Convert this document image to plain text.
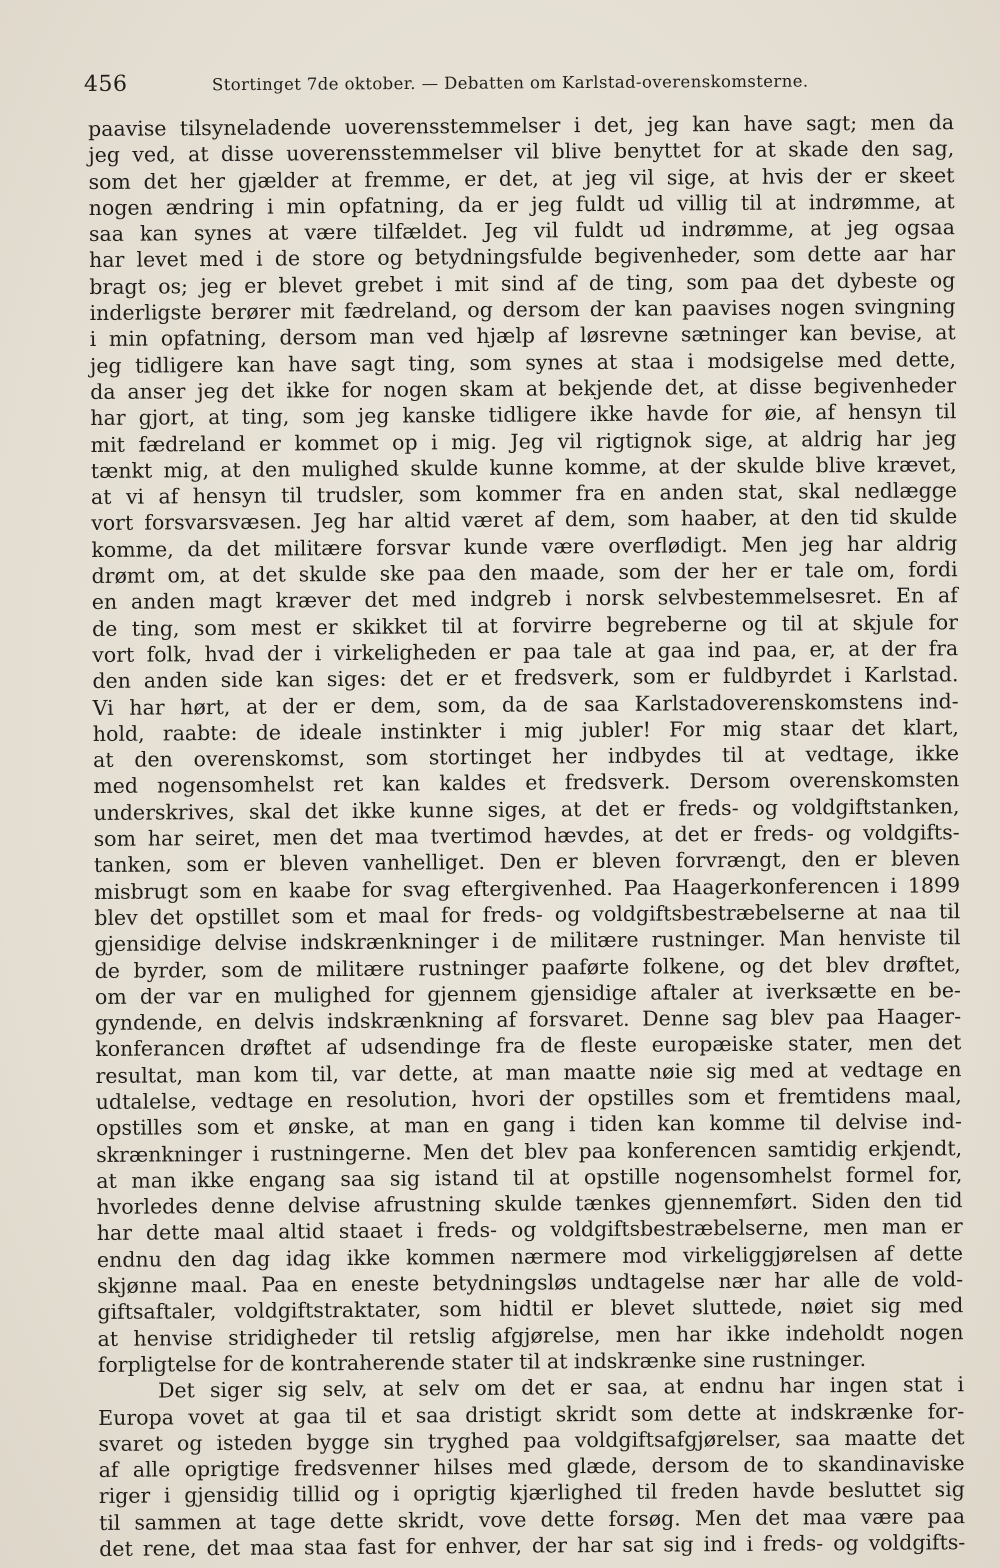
456	Stortinget 7de oktober. — Debatten om Karlstad-overenskomsterne.
paavise tilsyneladende uoverensstemmelser i det, jeg kan have sagt; men da
jeg ved, at disse uoverensstemmelser vil blive benyttet for at skade den sag,
som det her gjælder at fremme, er det, at jeg vil sige, at hvis der er skeet
nogen ændring i min opfatning, da er jeg fuldt ud villig til at indrømme, at
saa kan synes at være tilfældet. Jeg vil fuldt ud indrømme, at jeg ogsaa
har levet med i de store og betydningsfulde begivenheder, som dette aar har
bragt os; jeg er blevet grebet i mit sind af de ting, som paa det dybeste og
inderligste berører mit fædreland, og dersom der kan paavises nogen svingning
i min opfatning, dersom man ved hjælp af løsrevne sætninger kan bevise, at
jeg tidligere kan have sagt ting, som synes at staa i modsigelse med dette,
da anser jeg det ikke for nogen skam at bekjende det, at disse begivenheder
har gjort, at ting, som jeg kanske tidligere ikke havde for øie, af hensyn til
mit fædreland er kommet op i mig. Jeg vil rigtignok sige, at aldrig har jeg
tænkt mig, at den mulighed skulde kunne komme, at der skulde blive krævet,
at vi af hensyn til trudsler, som kommer fra en anden stat, skal nedlægge
vort forsvarsvæsen. Jeg har altid været af dem, som haaber, at den tid skulde
komme, da det militære forsvar kunde være overflødigt. Men jeg har aldrig
drømt om, at det skulde ske paa den maade, som der her er tale om, fordi
en anden magt kræver det med indgreb i norsk selvbestemmelsesret. En af
de ting, som mest er skikket til at forvirre begreberne og til at skjule for
vort folk, hvad der i virkeligheden er paa tale at gaa ind paa, er, at der fra
den anden side kan siges: det er et fredsverk, som er fuldbyrdet i Karlstad.
Vi har hørt, at der er dem, som, da de saa Karlstadoverenskomstens ind-
hold, raabte: de ideale instinkter i mig jubler! For mig staar det klart,
at den overenskomst, som stortinget her indbydes til at vedtage, ikke
med nogensomhelst ret kan kaldes et fredsverk. Dersom overenskomsten
underskrives, skal det ikke kunne siges, at det er freds- og voldgiftstanken,
som har seiret, men det maa tvertimod hævdes, at det er freds- og voldgifts-
tanken, som er bleven vanhelliget. Den er bleven forvrængt, den er bleven
misbrugt som en kaabe for svag eftergivenhed. Paa Haagerkonferencen i 1899
blev det opstillet som et maal for freds- og voldgiftsbestræbelserne at naa til
gjensidige delvise indskrænkninger i de militære rustninger. Man henviste til
de byrder, som de militære rustninger paaførte folkene, og det blev drøftet,
om der var en mulighed for gjennem gjensidige aftaler at iverksætte en be-
gyndende, en delvis indskrænkning af forsvaret. Denne sag blev paa Haager-
konferancen drøftet af udsendinge fra de fleste europæiske stater, men det
resultat, man kom til, var dette, at man maatte nøie sig med at vedtage en
udtalelse, vedtage en resolution, hvori der opstilles som et fremtidens maal,
opstilles som et ønske, at man en gang i tiden kan komme til delvise ind-
skrænkninger i rustningerne. Men det blev paa konferencen samtidig erkjendt,
at man ikke engang saa sig istand til at opstille nogensomhelst formel for,
hvorledes denne delvise afrustning skulde tænkes gjennemført. Siden den tid
har dette maal altid staaet i freds- og voldgiftsbestræbelserne, men man er
endnu den dag idag ikke kommen nærmere mod virkeliggjørelsen af dette
skjønne maal. Paa en eneste betydningsløs undtagelse nær har alle de vold-
giftsaftaler, voldgiftstraktater, som hidtil er blevet sluttede, nøiet sig med
at henvise stridigheder til retslig afgjørelse, men har ikke indeholdt nogen
forpligtelse for de kontraherende stater til at indskrænke sine rustninger.
Det siger sig selv, at selv om det er saa, at endnu har ingen stat i
Europa vovet at gaa til et saa dristigt skridt som dette at indskrænke for-
svaret og isteden bygge sin tryghed paa voldgiftsafgjørelser, saa maatte det
af alle oprigtige fredsvenner hilses med glæde, dersom de to skandinaviske
riger i gjensidig tillid og i oprigtig kjærlighed til freden havde besluttet sig
til sammen at tage dette skridt, vove dette forsøg. Men det maa være paa
det rene, det maa staa fast for enhver, der har sat sig ind i freds- og voldgifts-
